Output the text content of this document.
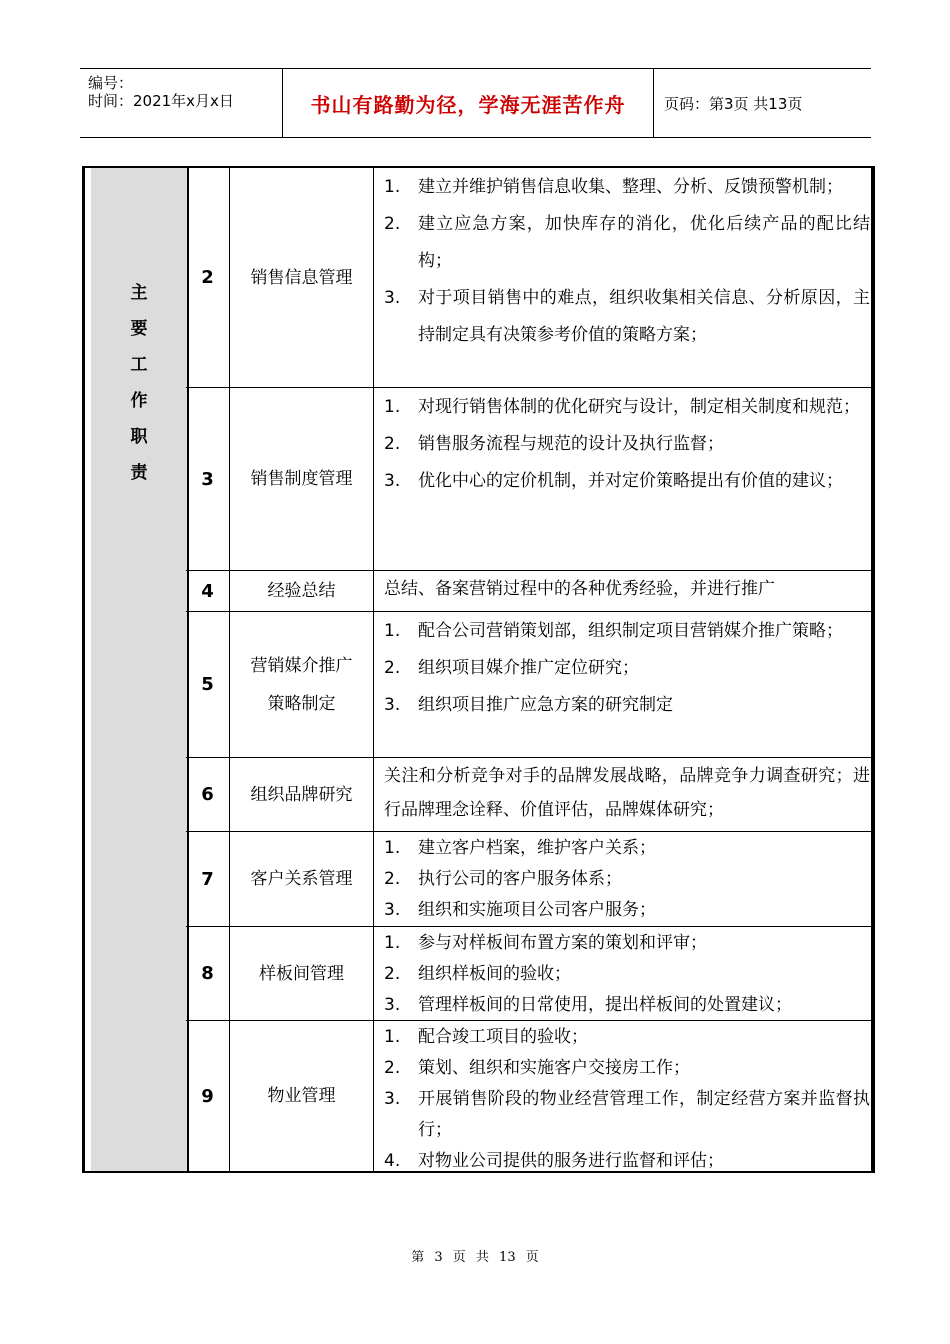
编号：
时间：2021年x月x日	书山有路勤为径，学海无涯苦作舟	页码：第3页 共13页
主
要
工
作
职
责
2	销售信息管理
1. 建立并维护销售信息收集、整理、分析、反馈预警机制；
2. 建立应急方案，加快库存的消化，优化后续产品的配比结构；
3. 对于项目销售中的难点，组织收集相关信息、分析原因，主持制定具有决策参考价值的策略方案；
3	销售制度管理
1. 对现行销售体制的优化研究与设计，制定相关制度和规范；
2. 销售服务流程与规范的设计及执行监督；
3. 优化中心的定价机制，并对定价策略提出有价值的建议；
4	经验总结	总结、备案营销过程中的各种优秀经验，并进行推广
5
营销媒介推广策略制定
1. 配合公司营销策划部，组织制定项目营销媒介推广策略；
2. 组织项目媒介推广定位研究；
3. 组织项目推广应急方案的研究制定
6	组织品牌研究
关注和分析竞争对手的品牌发展战略，品牌竞争力调查研究；进行品牌理念诠释、价值评估，品牌媒体研究；
7	客户关系管理
1. 建立客户档案，维护客户关系；
2. 执行公司的客户服务体系；
3. 组织和实施项目公司客户服务；
8	样板间管理
1. 参与对样板间布置方案的策划和评审；
2. 组织样板间的验收；
3. 管理样板间的日常使用，提出样板间的处置建议；
9	物业管理
1. 配合竣工项目的验收；
2. 策划、组织和实施客户交接房工作；
3. 开展销售阶段的物业经营管理工作，制定经营方案并监督执行；
4. 对物业公司提供的服务进行监督和评估；
第 3 页 共 13 页
